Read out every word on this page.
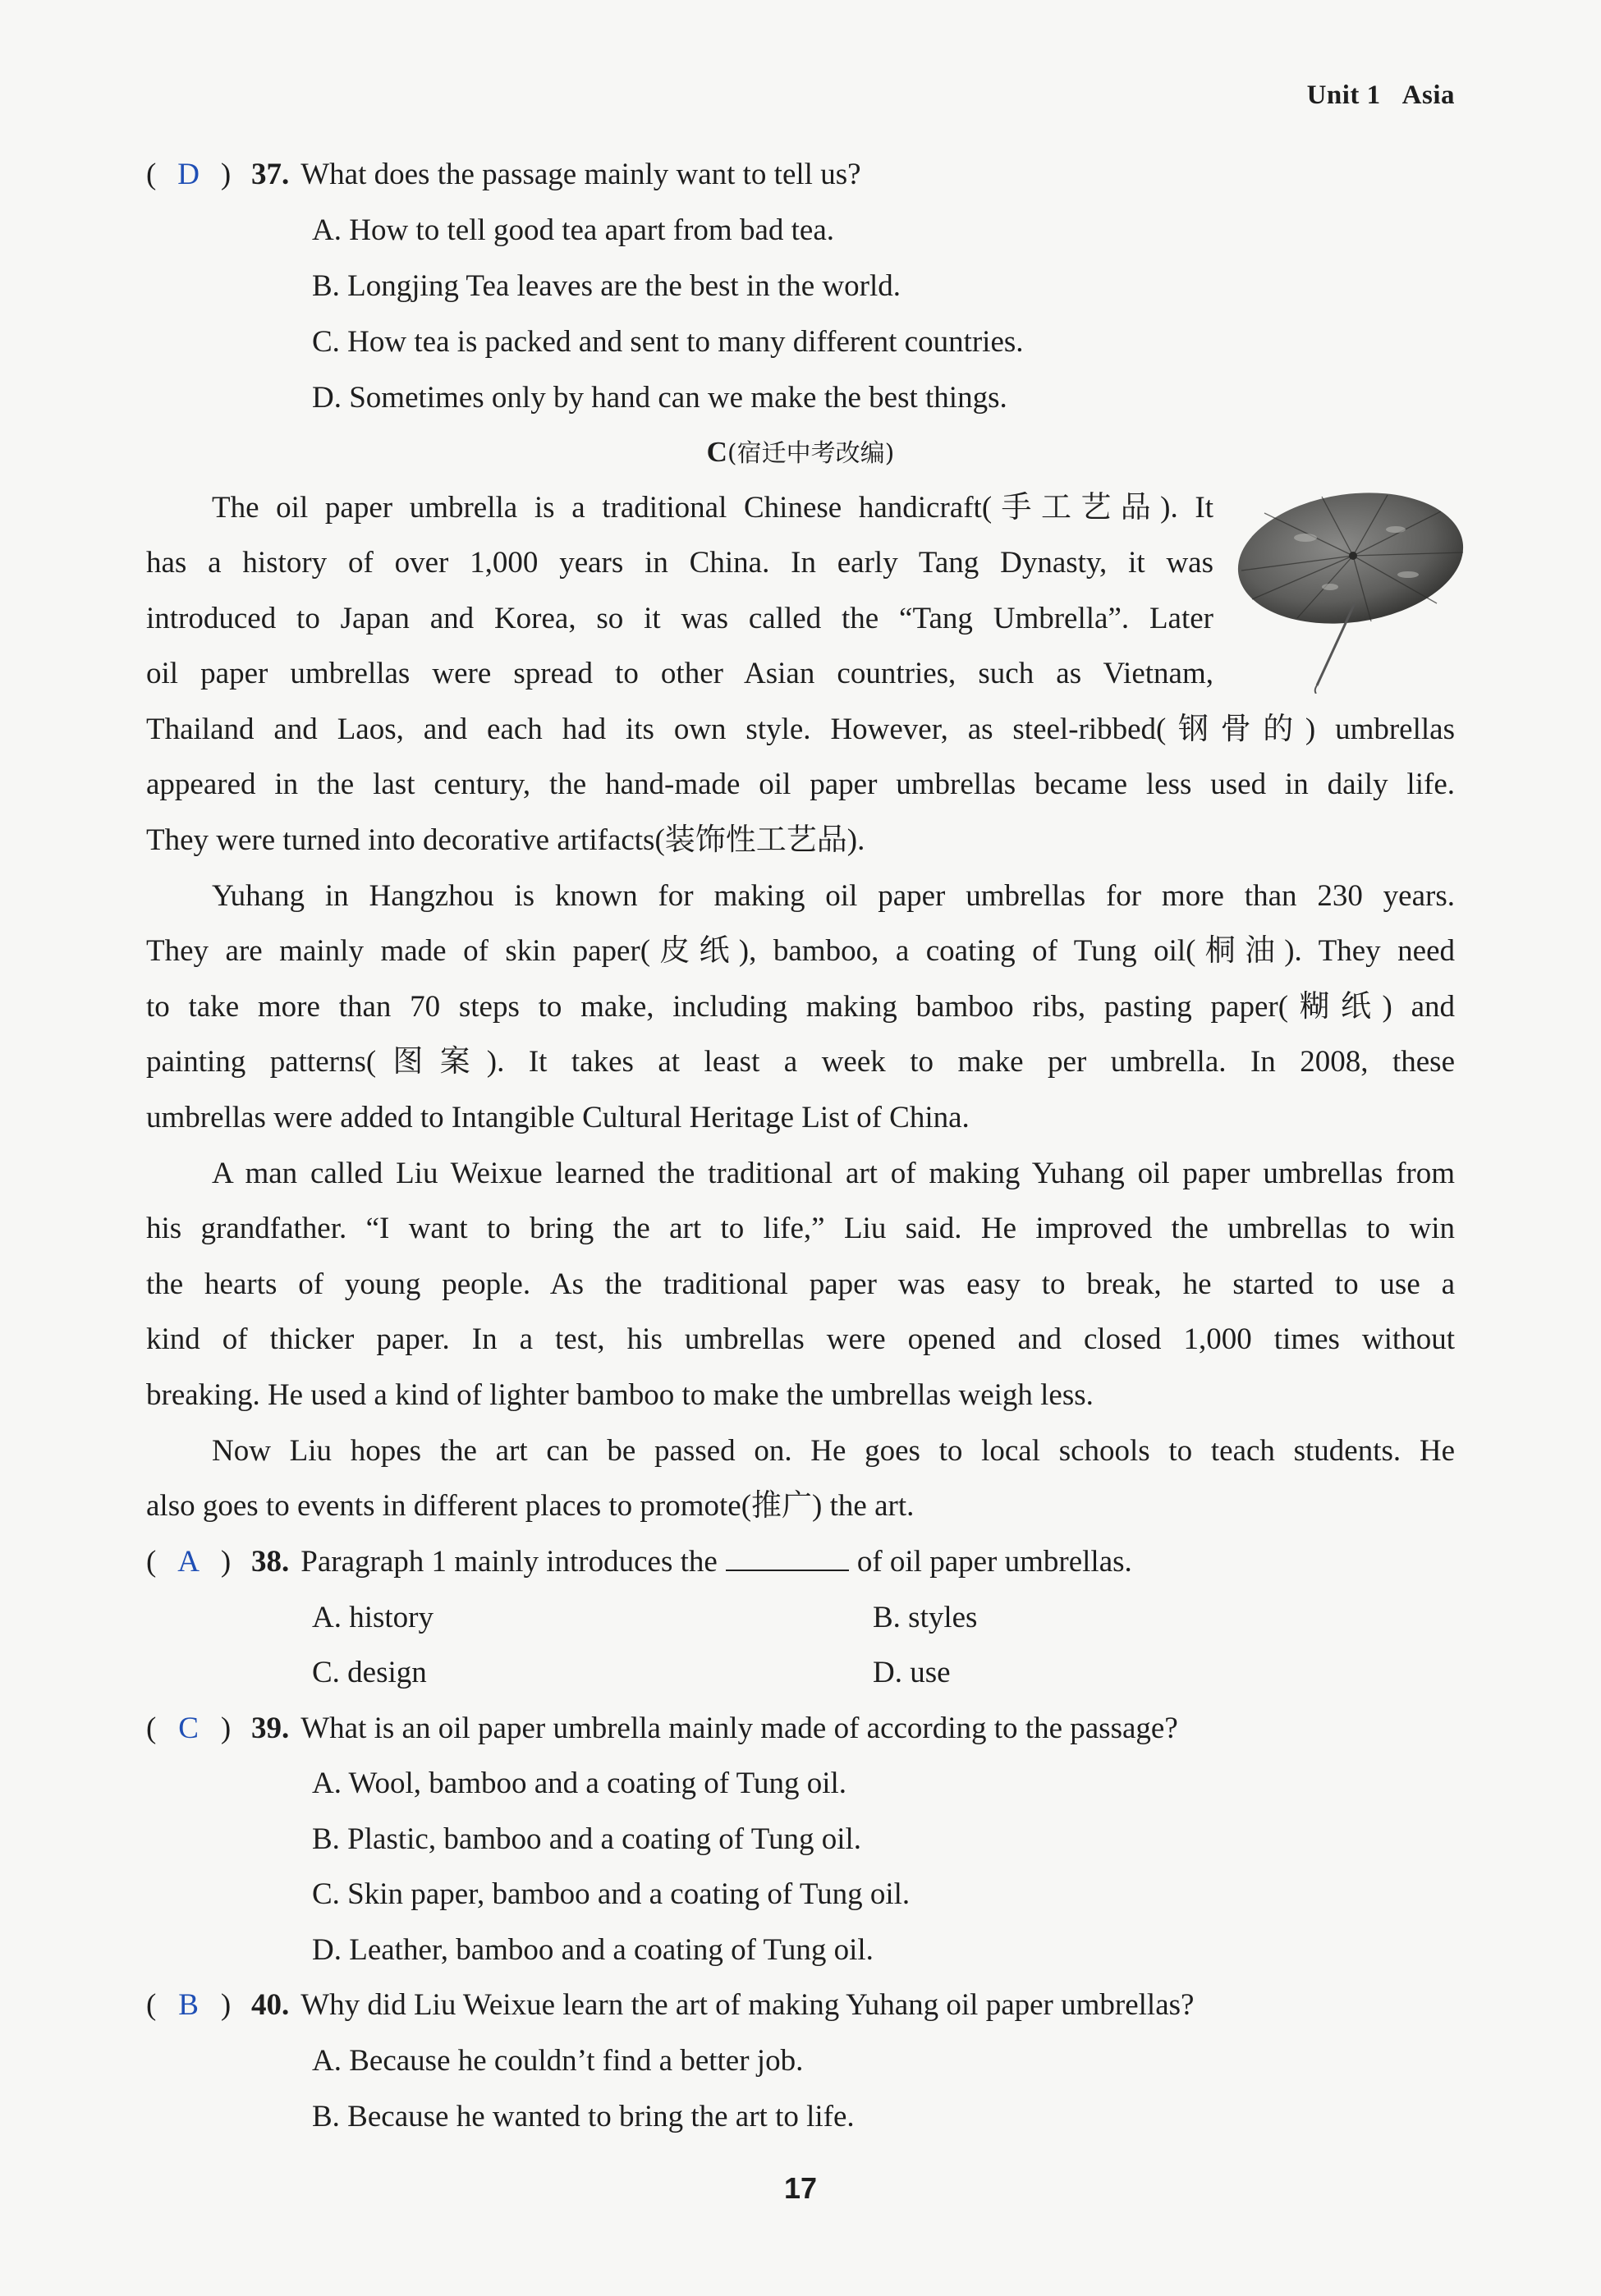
Unit 1 Asia
( D ) 37. What does the passage mainly want to tell us?
A. How to tell good tea apart from bad tea.
B. Longjing Tea leaves are the best in the world.
C. How tea is packed and sent to many different countries.
D. Sometimes only by hand can we make the best things.
C(宿迁中考改编)
The oil paper umbrella is a traditional Chinese handicraft(手工艺品). It
has a history of over 1,000 years in China. In early Tang Dynasty, it was
introduced to Japan and Korea, so it was called the “Tang Umbrella”. Later
oil paper umbrellas were spread to other Asian countries, such as Vietnam,
Thailand and Laos, and each had its own style. However, as steel-ribbed(钢骨的) umbrellas
appeared in the last century, the hand-made oil paper umbrellas became less used in daily life.
They were turned into decorative artifacts(装饰性工艺品).
Yuhang in Hangzhou is known for making oil paper umbrellas for more than 230 years.
They are mainly made of skin paper(皮纸), bamboo, a coating of Tung oil(桐油). They need
to take more than 70 steps to make, including making bamboo ribs, pasting paper(糊纸) and
painting patterns(图案). It takes at least a week to make per umbrella. In 2008, these
umbrellas were added to Intangible Cultural Heritage List of China.
A man called Liu Weixue learned the traditional art of making Yuhang oil paper umbrellas from
his grandfather. “I want to bring the art to life,” Liu said. He improved the umbrellas to win
the hearts of young people. As the traditional paper was easy to break, he started to use a
kind of thicker paper. In a test, his umbrellas were opened and closed 1,000 times without
breaking. He used a kind of lighter bamboo to make the umbrellas weigh less.
Now Liu hopes the art can be passed on. He goes to local schools to teach students. He
also goes to events in different places to promote(推广) the art.
( A ) 38. Paragraph 1 mainly introduces the	of oil paper umbrellas.
A. history	B. styles
C. design	D. use
( C ) 39. What is an oil paper umbrella mainly made of according to the passage?
A. Wool, bamboo and a coating of Tung oil.
B. Plastic, bamboo and a coating of Tung oil.
C. Skin paper, bamboo and a coating of Tung oil.
D. Leather, bamboo and a coating of Tung oil.
( B ) 40. Why did Liu Weixue learn the art of making Yuhang oil paper umbrellas?
A. Because he couldn’t find a better job.
B. Because he wanted to bring the art to life.
17
